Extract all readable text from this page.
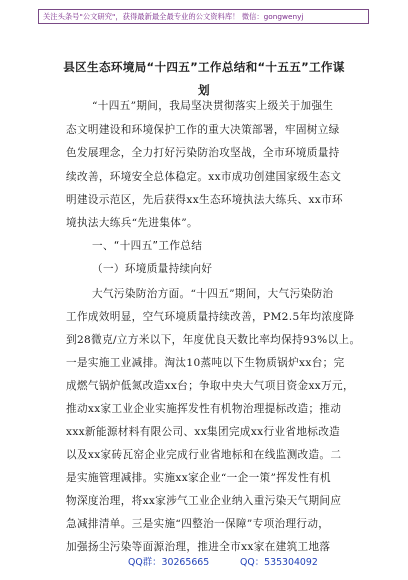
关注头条号"公文研究"，获得最新最全最专业的公文资料库！ 微信：gongwenyj
县区生态环境局“十四五”工作总结和“十五五”工作谋
划
“十四五”期间，我局坚决贯彻落实上级关于加强生
态文明建设和环境保护工作的重大决策部署，牢固树立绿
色发展理念，全力打好污染防治攻坚战，全市环境质量持
续改善，环境安全总体稳定。xx市成功创建国家级生态文
明建设示范区，先后获得xx生态环境执法大练兵、xx市环
境执法大练兵“先进集体”。
一、“十四五”工作总结
（一）环境质量持续向好
大气污染防治方面。“十四五”期间，大气污染防治
工作成效明显，空气环境质量持续改善，PM2.5年均浓度降
到28微克/立方米以下，年度优良天数比率均保持93%以上。
一是实施工业减排。淘汰10蒸吨以下生物质锅炉xx台；完
成燃气锅炉低氮改造xx台；争取中央大气项目资金xx万元，
推动xx家工业企业实施挥发性有机物治理提标改造；推动
xxx新能源材料有限公司、xx集团完成xx行业省地标改造
以及xx家砖瓦窑企业完成行业省地标和在线监测改造。二
是实施管理减排。实施xx家企业“一企一策”挥发性有机
物深度治理，将xx家涉气工业企业纳入重污染天气期间应
急减排清单。三是实施“四整治一保障”专项治理行动，
加强扬尘污染等面源治理，推进全市xx家在建筑工地落
QQ群：30265665	QQ：535304092
